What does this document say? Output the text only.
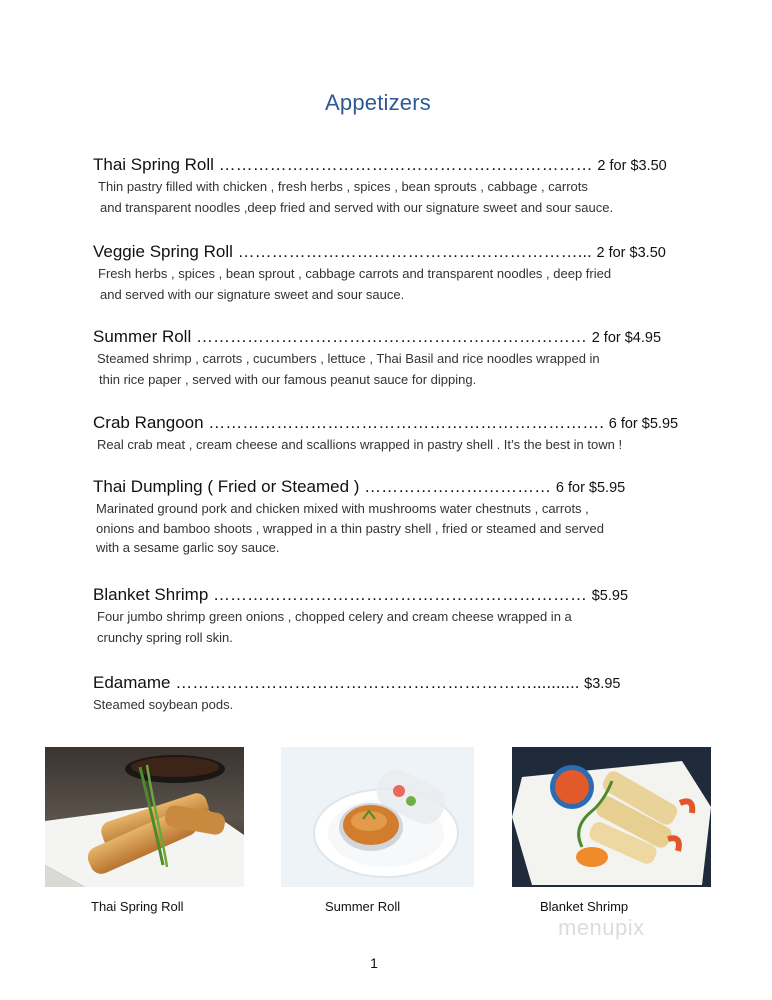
Appetizers
Thai Spring Roll ………………………………………………………… 2 for $3.50
Thin pastry filled with chicken , fresh herbs , spices , bean sprouts , cabbage , carrots
and transparent noodles ,deep fried and served with our signature sweet and sour sauce.
Veggie Spring Roll ……………………………………………………... 2 for $3.50
Fresh herbs , spices , bean sprout , cabbage carrots and transparent noodles , deep fried
and served with our signature sweet and sour sauce.
Summer Roll …………………………………………………………… 2 for $4.95
Steamed shrimp , carrots , cucumbers , lettuce , Thai Basil and rice noodles wrapped in
thin rice paper , served with our famous peanut sauce for dipping.
Crab Rangoon ……………………………………………………………. 6 for $5.95
Real crab meat , cream cheese and scallions wrapped in pastry shell . It’s the best in town !
Thai Dumpling ( Fried or Steamed ) …………………………… 6 for $5.95
Marinated ground pork and chicken mixed with mushrooms water chestnuts , carrots ,
onions and bamboo shoots , wrapped in a thin pastry shell , fried or steamed and served
with a sesame garlic soy sauce.
Blanket Shrimp ………………………………………………………… $5.95
Four jumbo shrimp green onions , chopped celery and cream cheese wrapped in a
crunchy spring roll skin.
Edamame ……………………………………………………….......... $3.95
Steamed soybean pods.
Thai Spring Roll	Summer Roll	Blanket Shrimp
menupix
1
